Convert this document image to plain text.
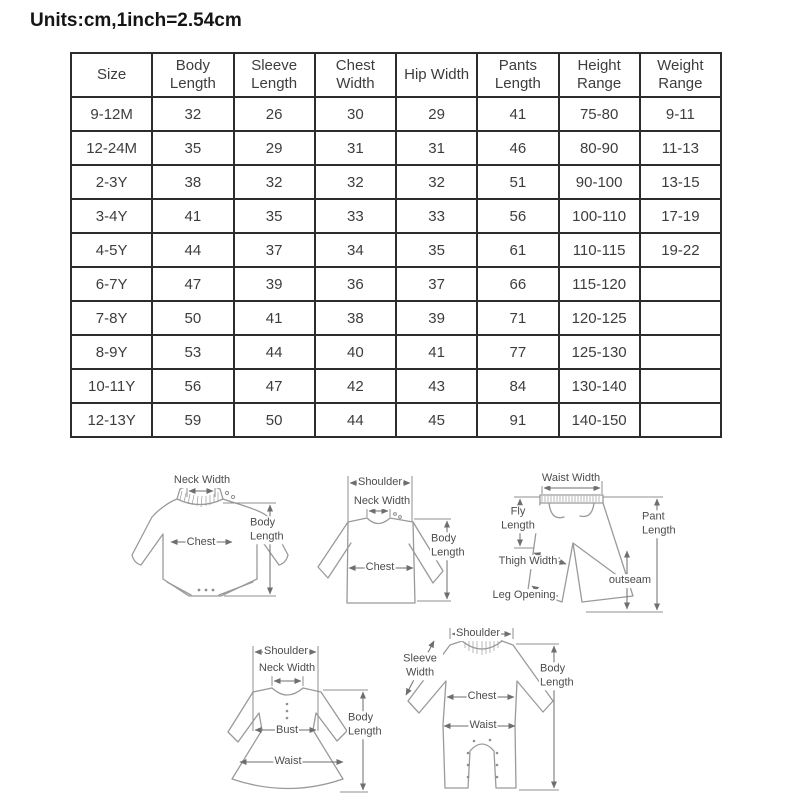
Units:cm,1inch=2.54cm
Size	Body Length	Sleeve Length	Chest Width	Hip Width	Pants Length	Height Range	Weight Range
9-12M	32	26	30	29	41	75-80	9-11
12-24M	35	29	31	31	46	80-90	11-13
2-3Y	38	32	32	32	51	90-100	13-15
3-4Y	41	35	33	33	56	100-110	17-19
4-5Y	44	37	34	35	61	110-115	19-22
6-7Y	47	39	36	37	66	115-120	
7-8Y	50	41	38	39	71	120-125	
8-9Y	53	44	40	41	77	125-130	
10-11Y	56	47	42	43	84	130-140	
12-13Y	59	50	44	45	91	140-150	
Neck Width
Chest
Body Length
Shoulder
Neck Width
Chest
Body Length
Waist Width
Fly Length
Thigh Width
Leg Opening
outseam
Pant Length
Shoulder
Neck Width
Bust
Waist
Body Length
Shoulder
Sleeve Width
Chest
Waist
Body Length
